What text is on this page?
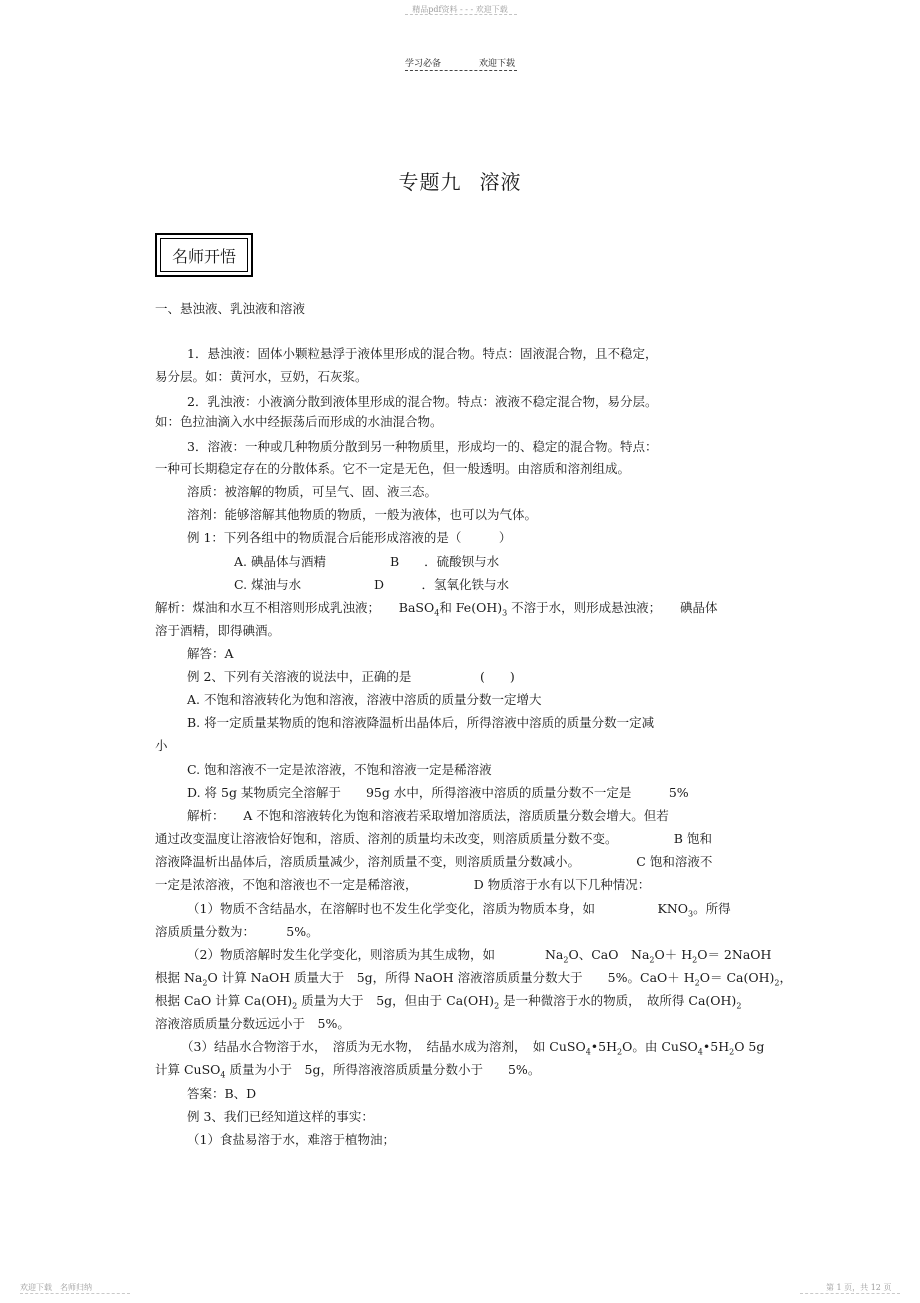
精品pdf资料 - - - 欢迎下载
学习必备	欢迎下载
专题九 溶液
名师开悟
一、悬浊液、乳浊液和溶液
1．悬浊液：固体小颗粒悬浮于液体里形成的混合物。特点：固液混合物，且不稳定，
易分层。如：黄河水，豆奶，石灰浆。
2．乳浊液：小液滴分散到液体里形成的混合物。特点：液液不稳定混合物，易分层。
如：色拉油滴入水中经振荡后而形成的水油混合物。
3．溶液：一种或几种物质分散到另一种物质里，形成均一的、稳定的混合物。特点：
一种可长期稳定存在的分散体系。它不一定是无色，但一般透明。由溶质和溶剂组成。
溶质：被溶解的物质，可呈气、固、液三态。
溶剂：能够溶解其他物质的物质，一般为液体，也可以为气体。
例 1：下列各组中的物质混合后能形成溶液的是（　　　）
A. 碘晶体与酒精	B　　．硫酸钡与水
C. 煤油与水	D　　　．氢氧化铁与水
解析：煤油和水互不相溶则形成乳浊液；　　 BaSO$_4$和 $Fe(OH)_3$ 不溶于水，则形成悬浊液；　　 碘晶体
溶于酒精，即得碘酒。
解答：A
例 2、下列有关溶液的说法中，正确的是	(　　)
A. 不饱和溶液转化为饱和溶液，溶液中溶质的质量分数一定增大
B. 将一定质量某物质的饱和溶液降温析出晶体后，所得溶液中溶质的质量分数一定减
小
C. 饱和溶液不一定是浓溶液，不饱和溶液一定是稀溶液
D. 将 5g 某物质完全溶解于　　 95g 水中，所得溶液中溶质的质量分数不一定是　　　	5%
解析：　　 A 不饱和溶液转化为饱和溶液若采取增加溶质法，溶质质量分数会增大。但若
通过改变温度让溶液恰好饱和，溶质、溶剂的质量均未改变，则溶质质量分数不变。　　　　　	B 饱和
溶液降温析出晶体后，溶质质量减少，溶剂质量不变，则溶质质量分数减小。　　　　　	C 饱和溶液不
一定是浓溶液，不饱和溶液也不一定是稀溶液，　　　　　	D 物质溶于水有以下几种情况：
（1）物质不含结晶水，在溶解时也不发生化学变化，溶质为物质本身，如　　　　　	$KNO_3$。所得
溶质质量分数为：　　　	5%。
（2）物质溶解时发生化学变化，则溶质为其生成物，如　　　　	$Na_2O$、CaO　 $Na_2O+ H_2O=$ 2NaOH
根据 $Na_2O$ 计算 NaOH 质量大于　 5g，所得 NaOH 溶液溶质质量分数大于　　 5%。$CaO+ H_2O= Ca(OH)_2$，
根据 CaO 计算 $Ca(OH)_2$ 质量为大于　 5g，但由于 $Ca(OH)_2$ 是一种微溶于水的物质，　 故所得 $Ca(OH)_2$
溶液溶质质量分数远远小于　 5%。
（3）结晶水合物溶于水，　 溶质为无水物，　 结晶水成为溶剂，　 如 $CuSO_4•5H_2O$。由 $CuSO_4•5H_2O$ 5g
计算 CuSO$_4$ 质量为小于　 5g，所得溶液溶质质量分数小于　　 5%。
答案：B、D
例 3、我们已经知道这样的事实：
（1）食盐易溶于水，难溶于植物油；
欢迎下载　名师归纳	第 1 页，共 12 页
